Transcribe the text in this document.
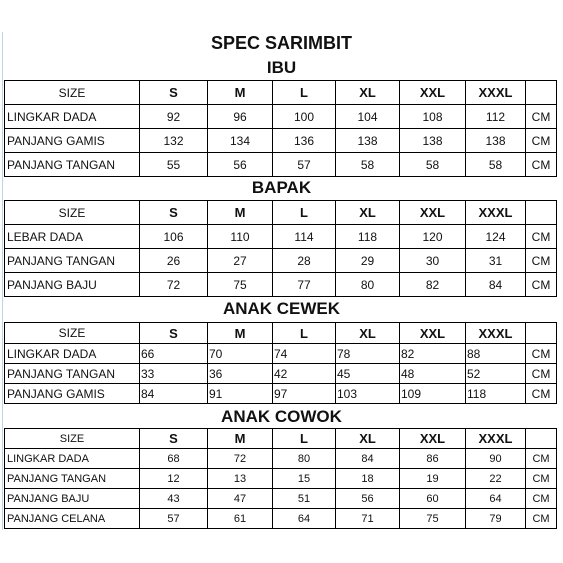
SPEC SARIMBIT
IBU
SIZE	S	M	L	XL	XXL	XXXL	
LINGKAR DADA	92	96	100	104	108	112	CM
PANJANG GAMIS	132	134	136	138	138	138	CM
PANJANG TANGAN	55	56	57	58	58	58	CM
BAPAK
SIZE	S	M	L	XL	XXL	XXXL	
LEBAR DADA	106	110	114	118	120	124	CM
PANJANG TANGAN	26	27	28	29	30	31	CM
PANJANG BAJU	72	75	77	80	82	84	CM
ANAK CEWEK
SIZE	S	M	L	XL	XXL	XXXL	
LINGKAR DADA	66	70	74	78	82	88	CM
PANJANG TANGAN	33	36	42	45	48	52	CM
PANJANG GAMIS	84	91	97	103	109	118	CM
ANAK COWOK
SIZE	S	M	L	XL	XXL	XXXL	
LINGKAR DADA	68	72	80	84	86	90	CM
PANJANG TANGAN	12	13	15	18	19	22	CM
PANJANG BAJU	43	47	51	56	60	64	CM
PANJANG CELANA	57	61	64	71	75	79	CM
